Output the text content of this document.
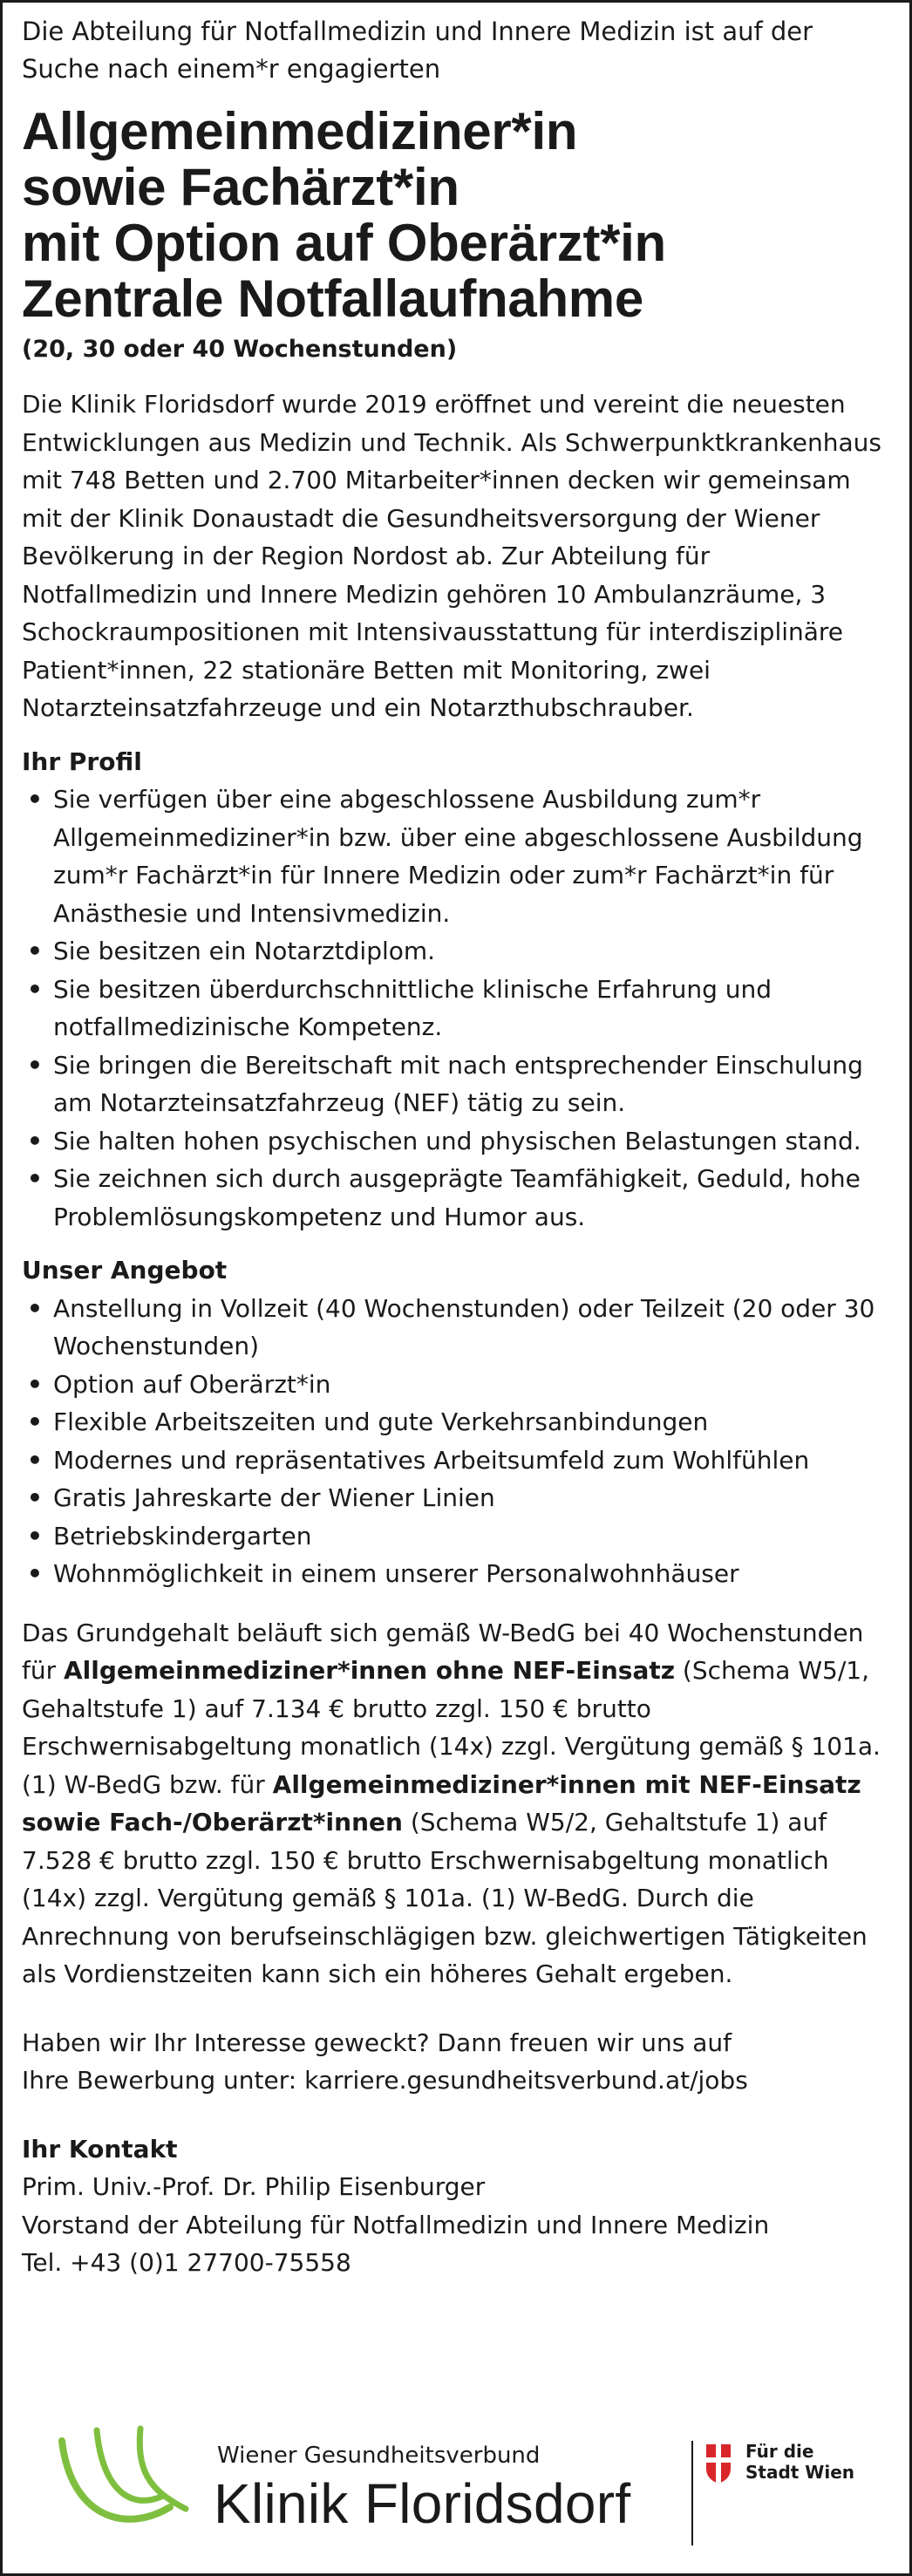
Die Abteilung für Notfallmedizin und Innere Medizin ist auf der Suche nach einem*r engagierten

Allgemeinmediziner*in
sowie Fachärzt*in
mit Option auf Oberärzt*in
Zentrale Notfallaufnahme

(20, 30 oder 40 Wochenstunden)

Die Klinik Floridsdorf wurde 2019 eröffnet und vereint die neuesten Entwicklungen aus Medizin und Technik. Als Schwerpunktkrankenhaus mit 748 Betten und 2.700 Mitarbeiter*innen decken wir gemeinsam mit der Klinik Donaustadt die Gesundheitsversorgung der Wiener Bevölkerung in der Region Nordost ab. Zur Abteilung für Notfallmedizin und Innere Medizin gehören 10 Ambulanzräume, 3 Schockraumpositionen mit Intensivausstattung für interdisziplinäre Patient*innen, 22 stationäre Betten mit Monitoring, zwei Notarzteinsatzfahrzeuge und ein Notarzthubschrauber.

Ihr Profil
• Sie verfügen über eine abgeschlossene Ausbildung zum*r Allgemeinmediziner*in bzw. über eine abgeschlossene Ausbildung zum*r Fachärzt*in für Innere Medizin oder zum*r Fachärzt*in für Anästhesie und Intensivmedizin.
• Sie besitzen ein Notarztdiplom.
• Sie besitzen überdurchschnittliche klinische Erfahrung und notfallmedizinische Kompetenz.
• Sie bringen die Bereitschaft mit nach entsprechender Einschulung am Notarzteinsatzfahrzeug (NEF) tätig zu sein.
• Sie halten hohen psychischen und physischen Belastungen stand.
• Sie zeichnen sich durch ausgeprägte Teamfähigkeit, Geduld, hohe Problemlösungskompetenz und Humor aus.
Unser Angebot
• Anstellung in Vollzeit (40 Wochenstunden) oder Teilzeit (20 oder 30 Wochenstunden)
• Option auf Oberärzt*in
• Flexible Arbeitszeiten und gute Verkehrsanbindungen
• Modernes und repräsentatives Arbeitsumfeld zum Wohlfühlen
• Gratis Jahreskarte der Wiener Linien
• Betriebskindergarten
• Wohnmöglichkeit in einem unserer Personalwohnhäuser

Das Grundgehalt beläuft sich gemäß W-BedG bei 40 Wochenstunden für Allgemeinmediziner*innen ohne NEF-Einsatz (Schema W5/1, Gehaltstufe 1) auf 7.134 € brutto zzgl. 150 € brutto Erschwernisabgeltung monatlich (14x) zzgl. Vergütung gemäß § 101a. (1) W-BedG bzw. für Allgemeinmediziner*innen mit NEF-Einsatz sowie Fach-/Oberärzt*innen (Schema W5/2, Gehaltstufe 1) auf 7.528 € brutto zzgl. 150 € brutto Erschwernisabgeltung monatlich (14x) zzgl. Vergütung gemäß § 101a. (1) W-BedG. Durch die Anrechnung von berufseinschlägigen bzw. gleichwertigen Tätigkeiten als Vordienstzeiten kann sich ein höheres Gehalt ergeben.

Haben wir Ihr Interesse geweckt? Dann freuen wir uns auf
Ihre Bewerbung unter: karriere.gesundheitsverbund.at/jobs

Ihr Kontakt
Prim. Univ.-Prof. Dr. Philip Eisenburger
Vorstand der Abteilung für Notfallmedizin und Innere Medizin
Tel. +43 (0)1 27700-75558
Wiener Gesundheitsverbund
Klinik Floridsdorf
Für die
Stadt Wien
